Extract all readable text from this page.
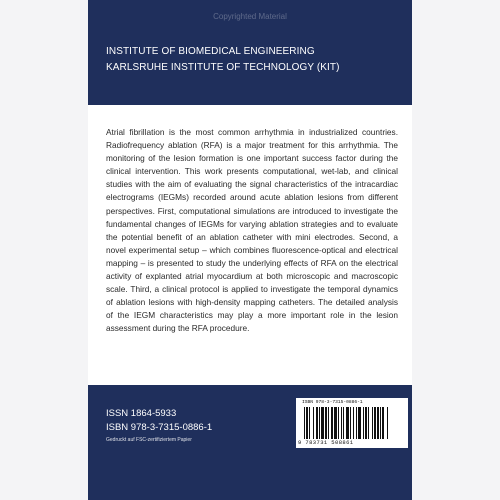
Copyrighted Material
INSTITUTE OF BIOMEDICAL ENGINEERING
KARLSRUHE INSTITUTE OF TECHNOLOGY (KIT)

Atrial fibrillation is the most common arrhythmia in industrialized countries. Radiofrequency ablation (RFA) is a major treatment for this arrhythmia. The monitoring of the lesion formation is one important success factor during the clinical intervention. This work presents computational, wet-lab, and clinical studies with the aim of evaluating the signal characteristics of the intracardiac electrograms (IEGMs) recorded around acute ablation lesions from different perspectives. First, computational simulations are introduced to investigate the fundamental changes of IEGMs for varying ablation strategies and to evaluate the potential benefit of an ablation catheter with mini electrodes. Second, a novel experimental setup – which combines fluorescence-optical and electrical mapping – is presented to study the underlying effects of RFA on the electrical activity of explanted atrial myocardium at both microscopic and macroscopic scale. Third, a clinical protocol is applied to investigate the temporal dynamics of ablation lesions with high-density mapping catheters. The detailed analysis of the IEGM characteristics may play a more important role in the lesion assessment during the RFA procedure.

ISSN 1864-5933
ISBN 978-3-7315-0886-1
Gedruckt auf FSC-zertifiziertem Papier
ISBN 978-3-7315-0886-1
9 783731 508861
